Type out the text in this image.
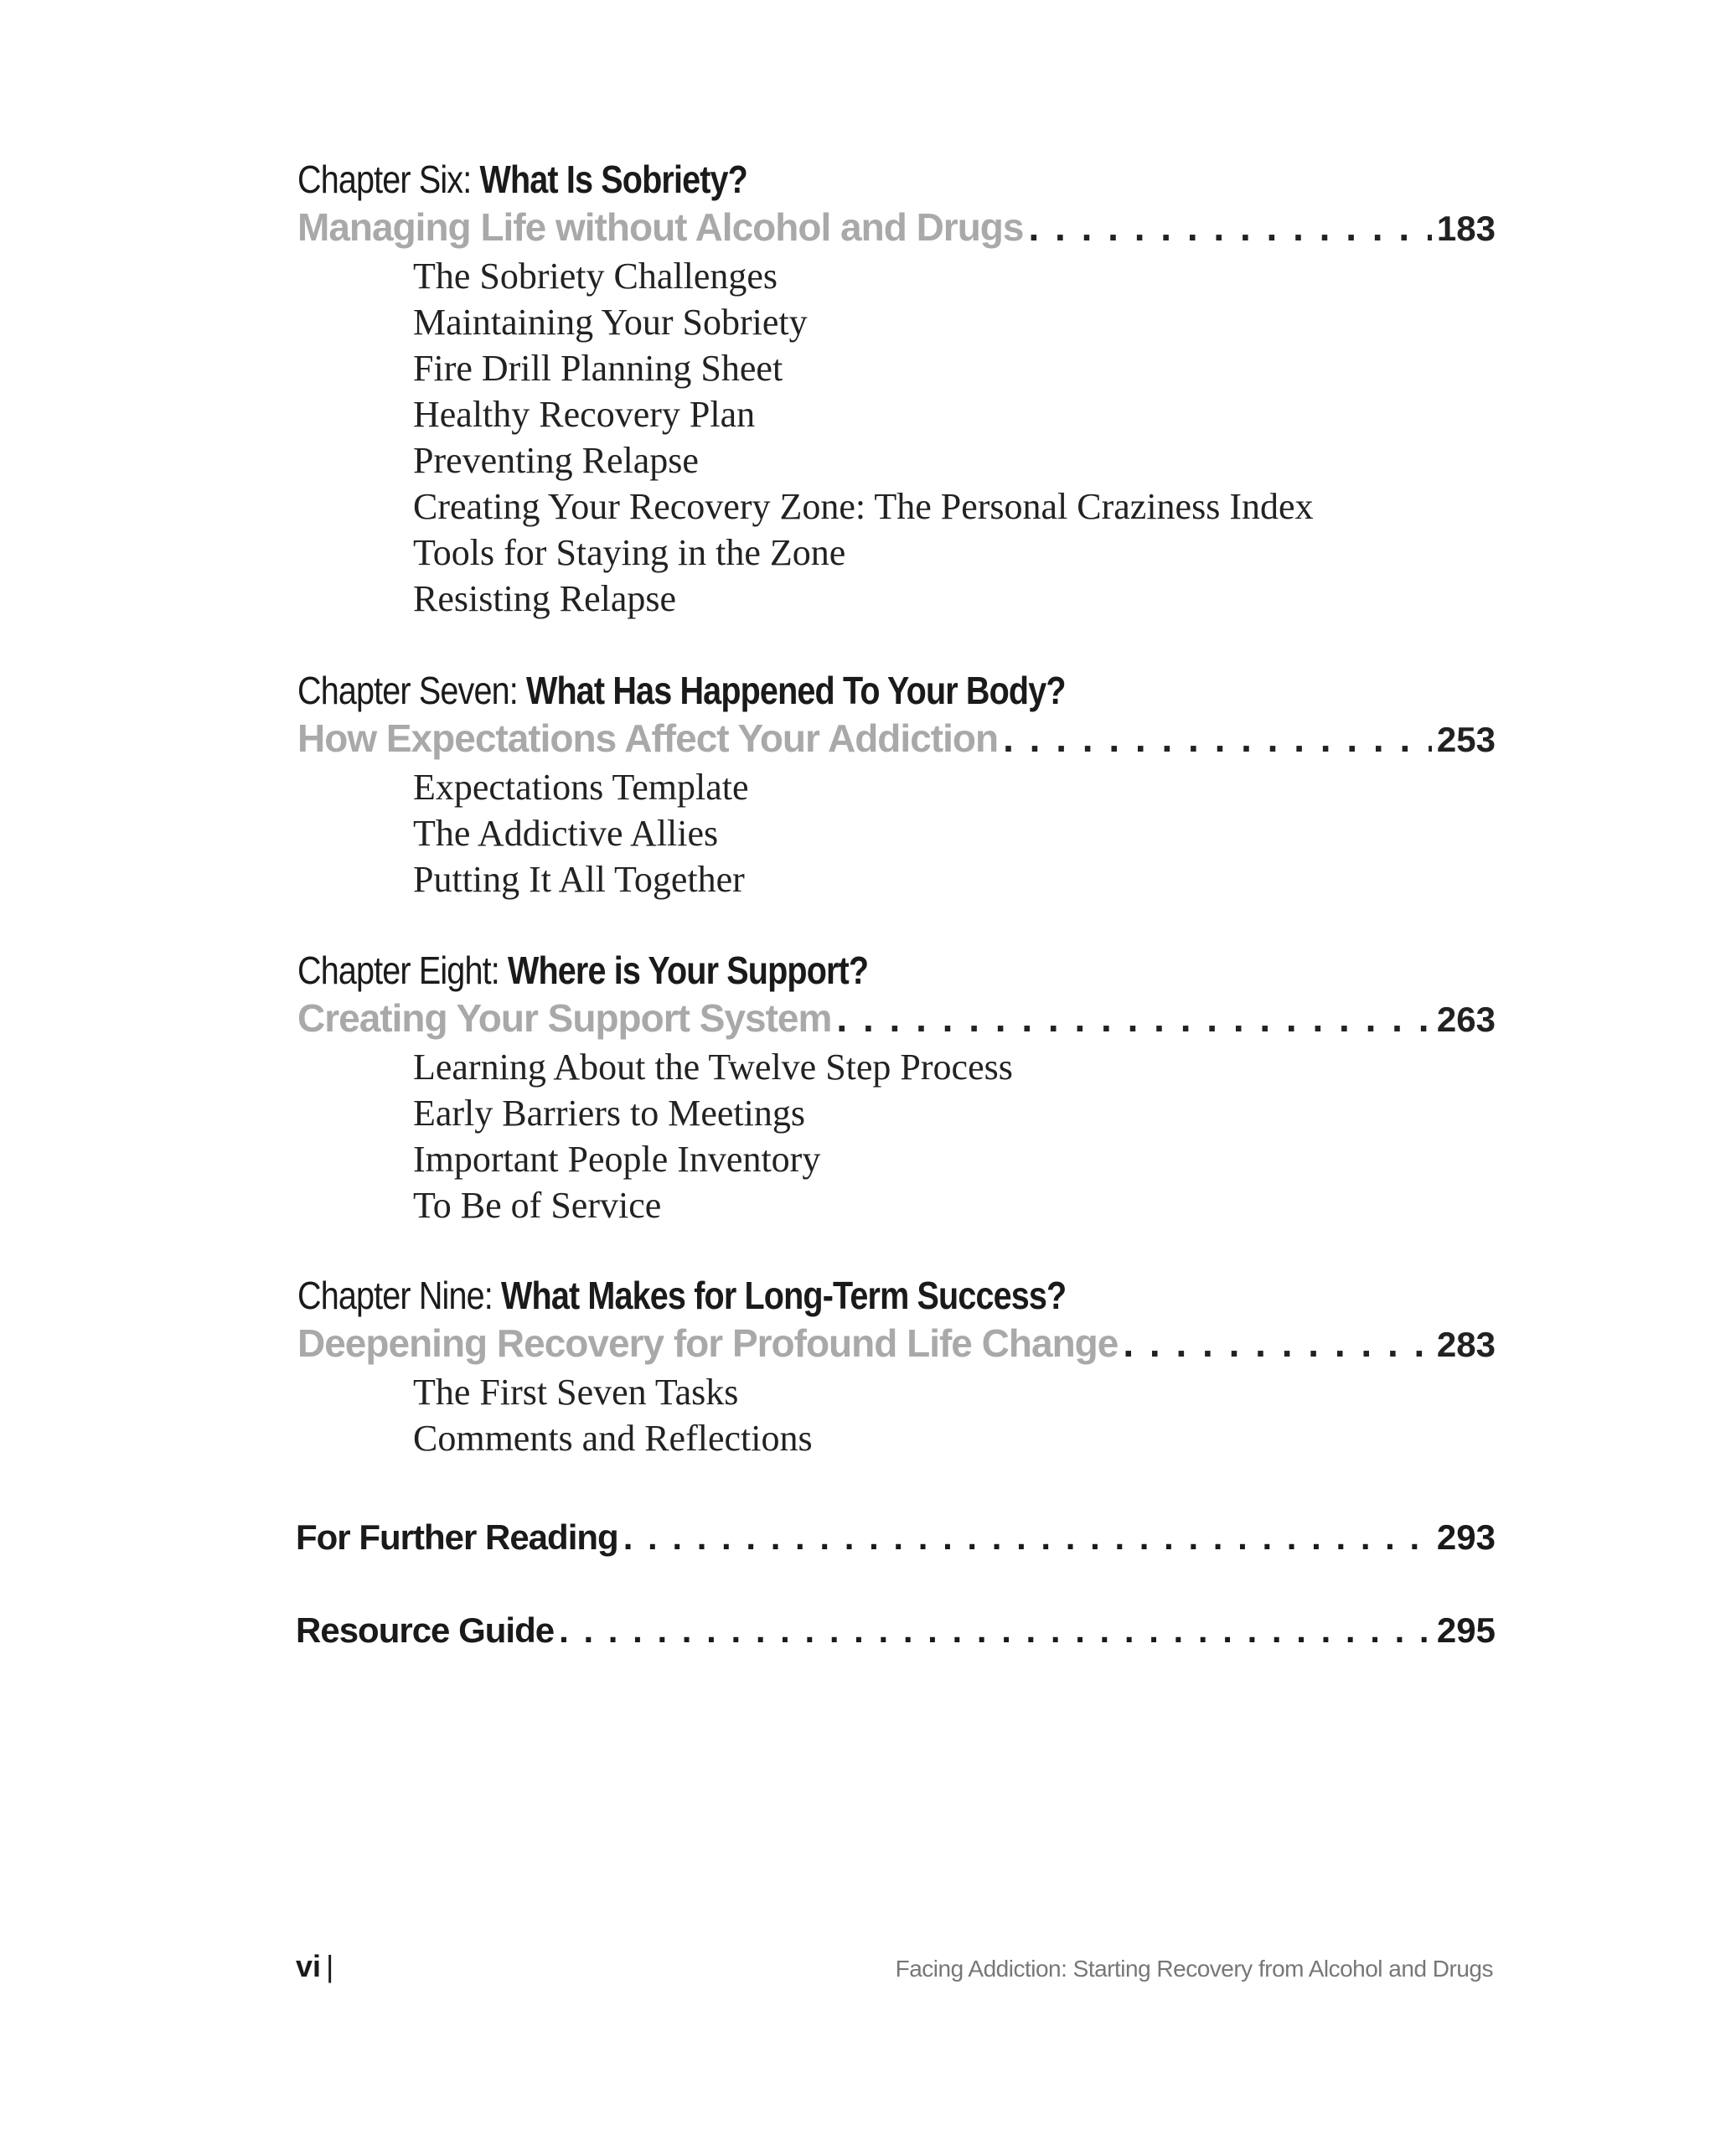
Chapter Six: What Is Sobriety?
Managing Life without Alcohol and Drugs . . .	183
The Sobriety Challenges
Maintaining Your Sobriety
Fire Drill Planning Sheet
Healthy Recovery Plan
Preventing Relapse
Creating Your Recovery Zone: The Personal Craziness Index
Tools for Staying in the Zone
Resisting Relapse
Chapter Seven: What Has Happened To Your Body?
How Expectations Affect Your Addiction . . .	253
Expectations Template
The Addictive Allies
Putting It All Together
Chapter Eight: Where is Your Support?
Creating Your Support System . . .	263
Learning About the Twelve Step Process
Early Barriers to Meetings
Important People Inventory
To Be of Service
Chapter Nine: What Makes for Long-Term Success?
Deepening Recovery for Profound Life Change . . .	283
The First Seven Tasks
Comments and Reflections
For Further Reading . . .	293
Resource Guide . . .	295
vi |	Facing Addiction: Starting Recovery from Alcohol and Drugs
